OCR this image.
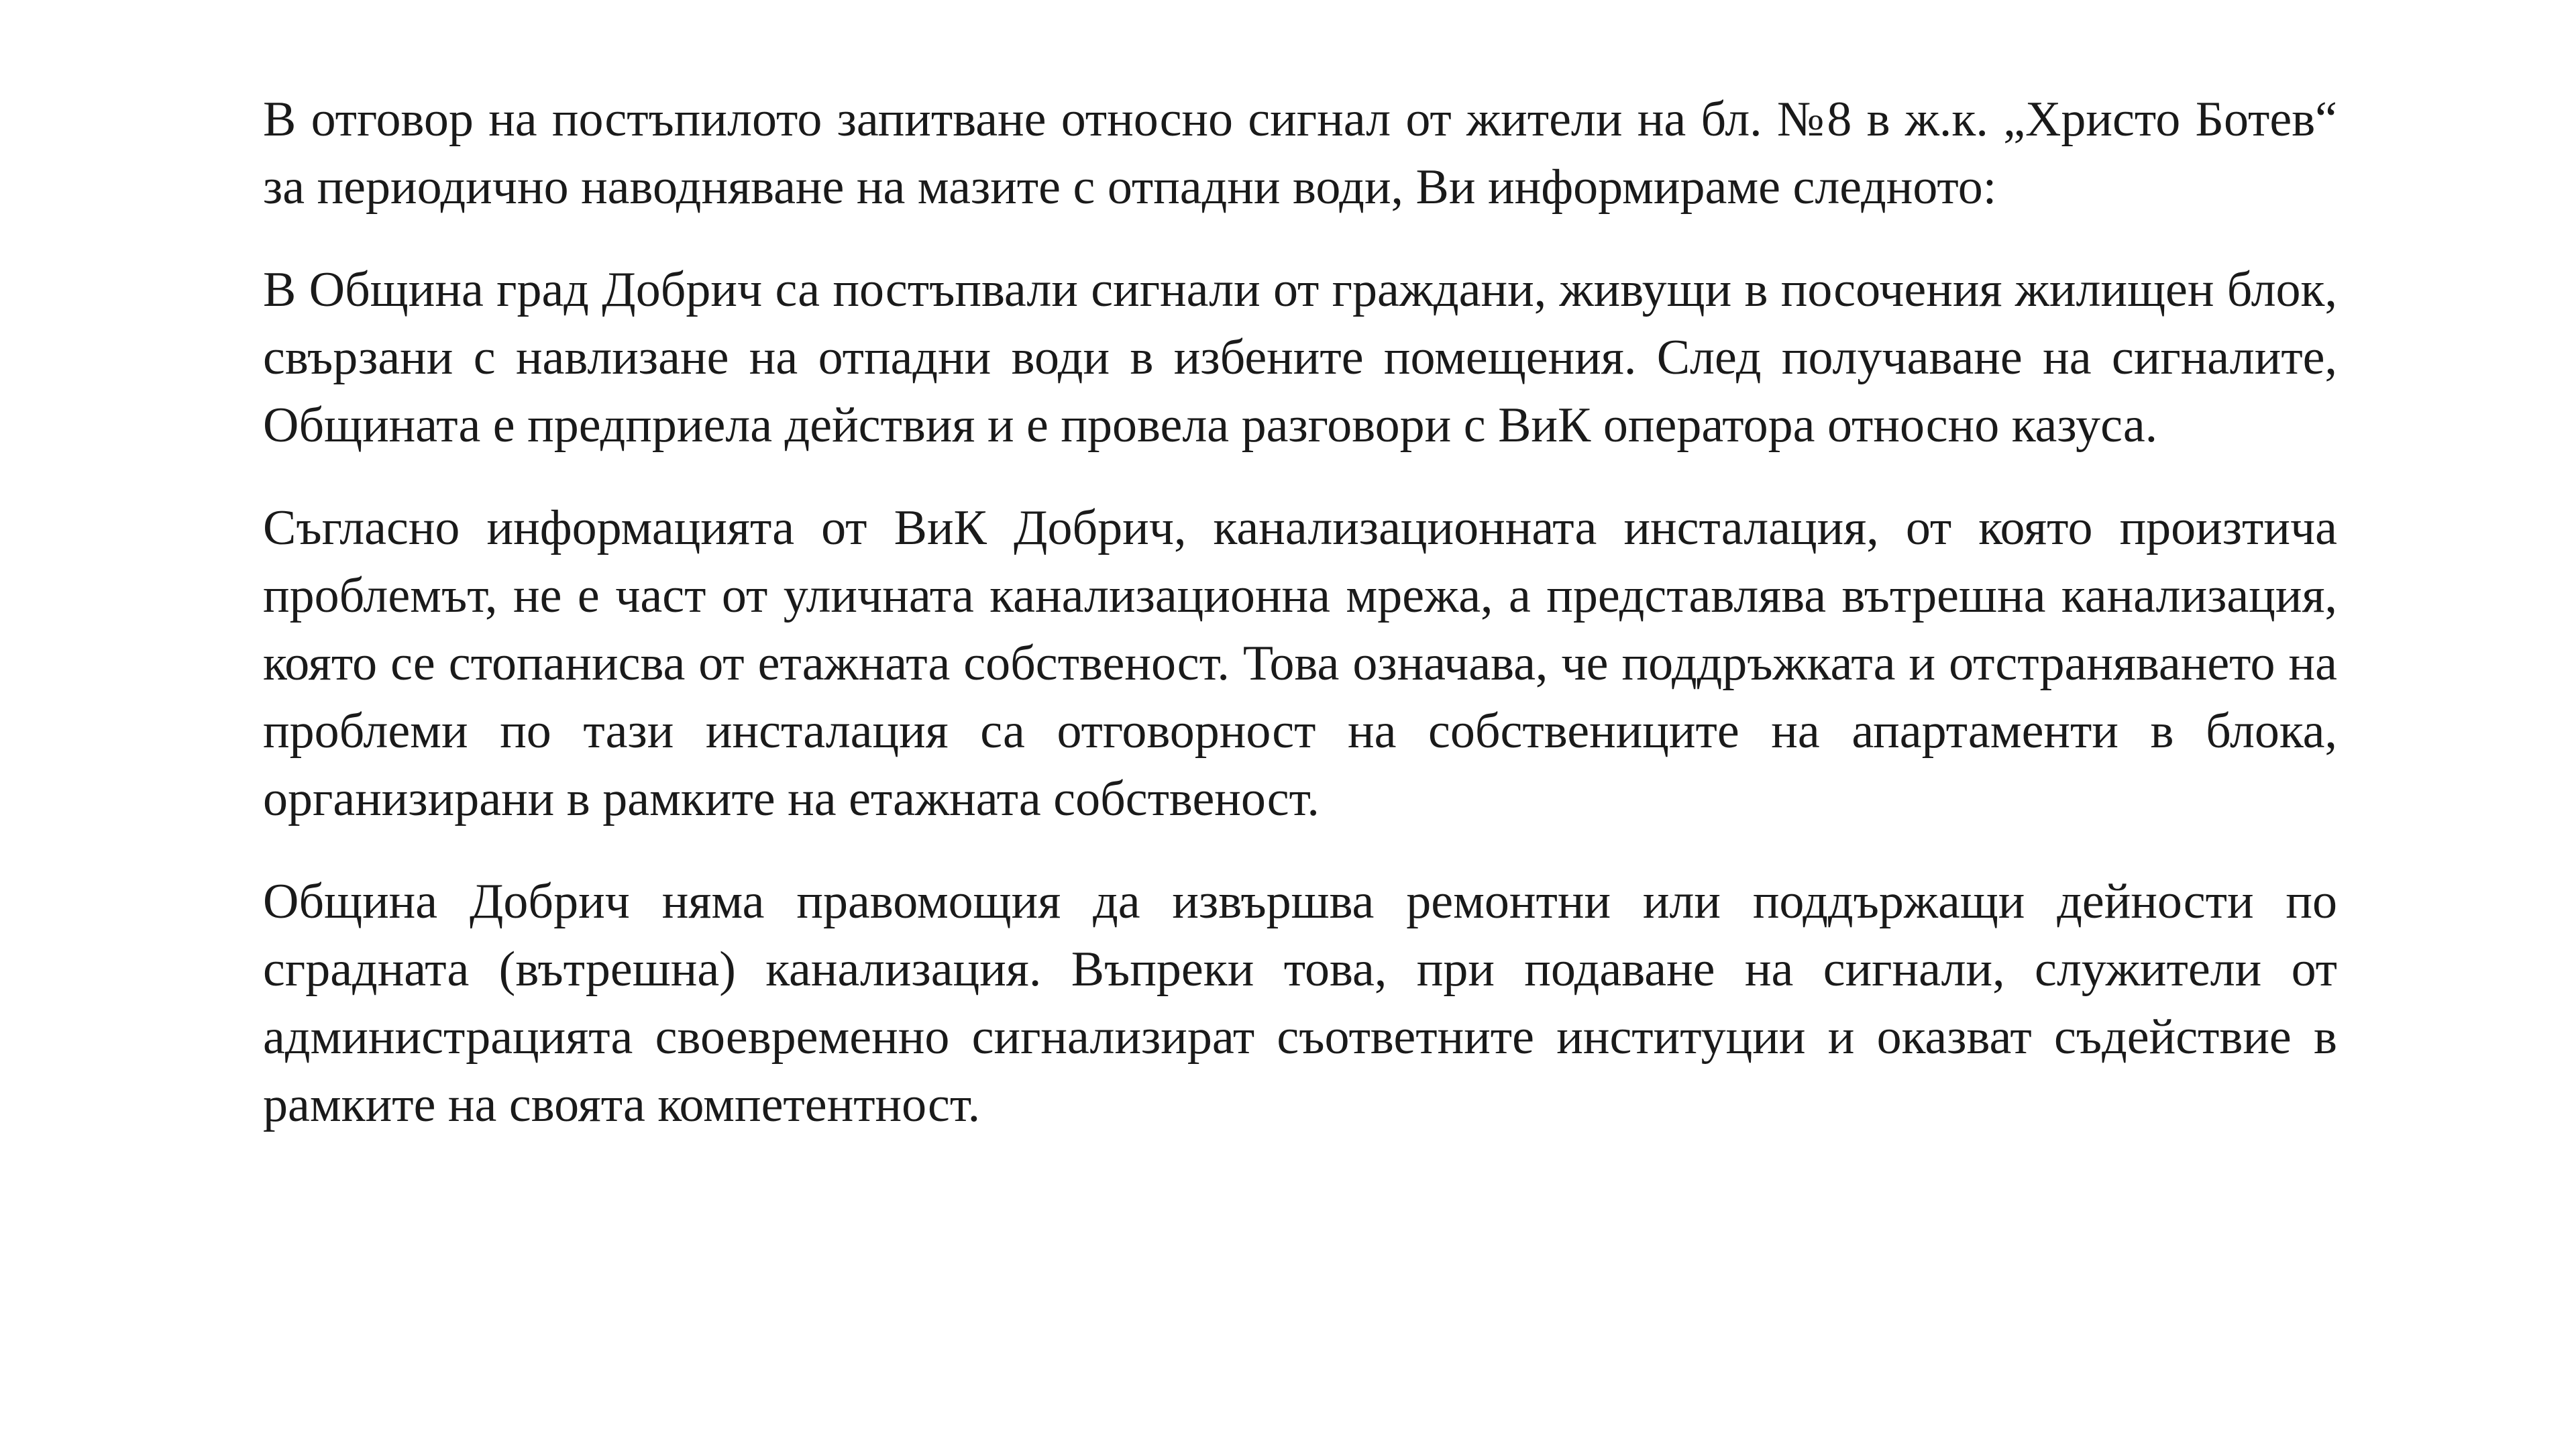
В отговор на постъпилото запитване относно сигнал от жители на бл. №8 в ж.к. „Христо Ботев“ за периодично наводняване на мазите с отпадни води, Ви информираме следното:

В Община град Добрич са постъпвали сигнали от граждани, живущи в посочения жилищен блок, свързани с навлизане на отпадни води в избените помещения. След получаване на сигналите, Общината е предприела действия и е провела разговори с ВиК оператора относно казуса.

Съгласно информацията от ВиК Добрич, канализационната инсталация, от която произтича проблемът, не е част от уличната канализационна мрежа, а представлява вътрешна канализация, която се стопанисва от етажната собственост. Това означава, че поддръжката и отстраняването на проблеми по тази инсталация са отговорност на собствениците на апартаменти в блока, организирани в рамките на етажната собственост.

Община Добрич няма правомощия да извършва ремонтни или поддържащи дейности по сградната (вътрешна) канализация. Въпреки това, при подаване на сигнали, служители от администрацията своевременно сигнализират съответните институции и оказват съдействие в рамките на своята компетентност.
